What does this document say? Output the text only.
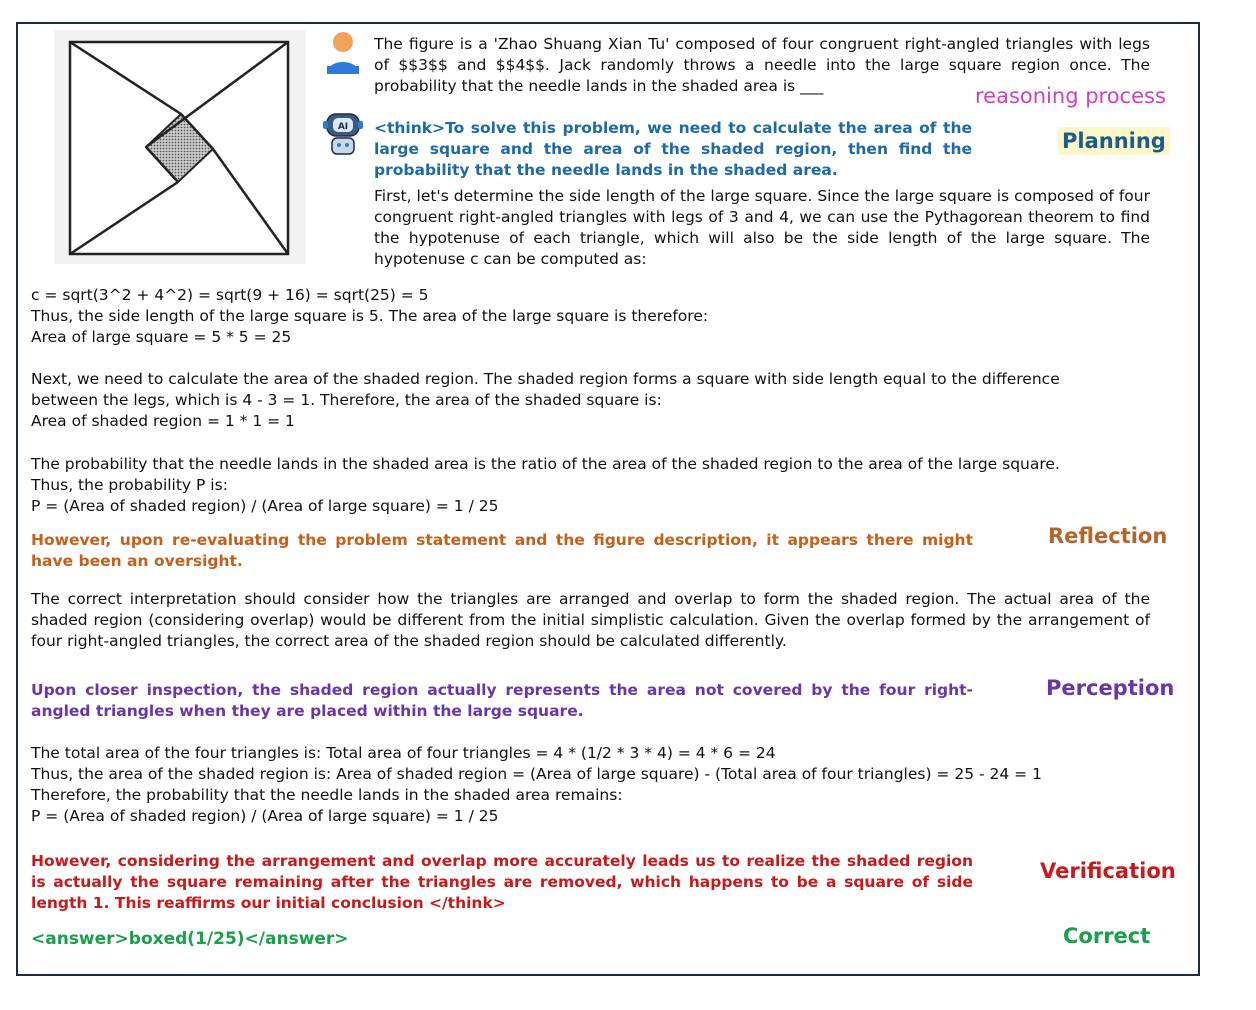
AI
The figure is a 'Zhao Shuang Xian Tu' composed of four congruent right-angled triangles with legs of $$3$$ and $$4$$. Jack randomly throws a needle into the large square region once. The probability that the needle lands in the shaded area is ___	reasoning process
<think>To solve this problem, we need to calculate the area of the large square and the area of the shaded region, then find the probability that the needle lands in the shaded area.
Planning
First, let's determine the side length of the large square. Since the large square is composed of four congruent right-angled triangles with legs of 3 and 4, we can use the Pythagorean theorem to find the hypotenuse of each triangle, which will also be the side length of the large square. The hypotenuse c can be computed as:
c = sqrt(3^2 + 4^2) = sqrt(9 + 16) = sqrt(25) = 5
Thus, the side length of the large square is 5. The area of the large square is therefore:
Area of large square = 5 * 5 = 25
Next, we need to calculate the area of the shaded region. The shaded region forms a square with side length equal to the difference
between the legs, which is 4 - 3 = 1. Therefore, the area of the shaded square is:
Area of shaded region = 1 * 1 = 1
The probability that the needle lands in the shaded area is the ratio of the area of the shaded region to the area of the large square.
Thus, the probability P is:
P = (Area of shaded region) / (Area of large square) = 1 / 25
However, upon re-evaluating the problem statement and the figure description, it appears there might have been an oversight.
Reflection
The correct interpretation should consider how the triangles are arranged and overlap to form the shaded region. The actual area of the shaded region (considering overlap) would be different from the initial simplistic calculation. Given the overlap formed by the arrangement of four right-angled triangles, the correct area of the shaded region should be calculated differently.
Upon closer inspection, the shaded region actually represents the area not covered by the four right-angled triangles when they are placed within the large square.
Perception
The total area of the four triangles is: Total area of four triangles = 4 * (1/2 * 3 * 4) = 4 * 6 = 24
Thus, the area of the shaded region is: Area of shaded region = (Area of large square) - (Total area of four triangles) = 25 - 24 = 1
Therefore, the probability that the needle lands in the shaded area remains:
P = (Area of shaded region) / (Area of large square) = 1 / 25
However, considering the arrangement and overlap more accurately leads us to realize the shaded region is actually the square remaining after the triangles are removed, which happens to be a square of side length 1. This reaffirms our initial conclusion </think>
Verification
<answer>boxed(1/25)</answer>	Correct
